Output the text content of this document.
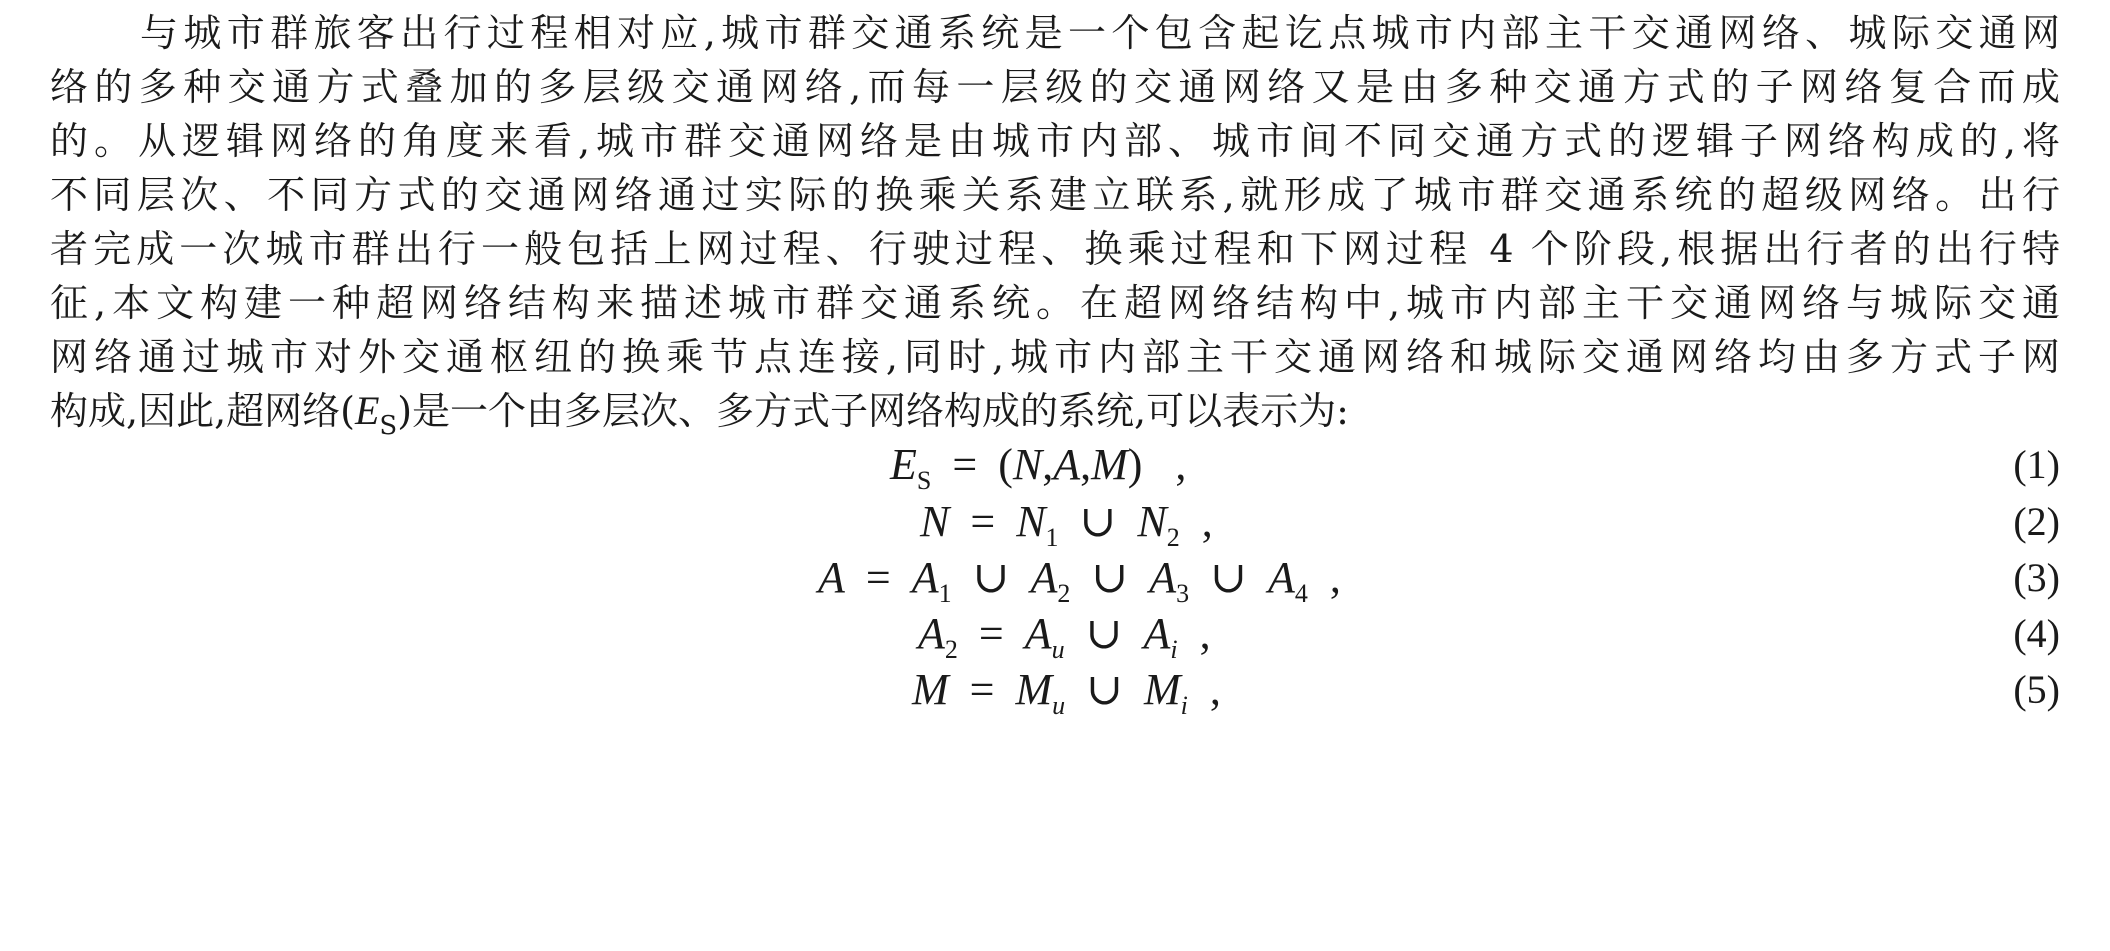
与城市群旅客出行过程相对应,城市群交通系统是一个包含起讫点城市内部主干交通网络、城际交通网
络的多种交通方式叠加的多层级交通网络,而每一层级的交通网络又是由多种交通方式的子网络复合而成
的。从逻辑网络的角度来看,城市群交通网络是由城市内部、城市间不同交通方式的逻辑子网络构成的,将
不同层次、不同方式的交通网络通过实际的换乘关系建立联系,就形成了城市群交通系统的超级网络。出行
者完成一次城市群出行一般包括上网过程、行驶过程、换乘过程和下网过程 4 个阶段,根据出行者的出行特
征,本文构建一种超网络结构来描述城市群交通系统。在超网络结构中,城市内部主干交通网络与城际交通
网络通过城市对外交通枢纽的换乘节点连接,同时,城市内部主干交通网络和城际交通网络均由多方式子网
构成,因此,超网络$(E_S)$是一个由多层次、多方式子网络构成的系统,可以表示为:
$E_S = (N,A,M)$ ,	(1)
$N = N_1$ ∪ $N_2$ ,	(2)
$A = A_1$ ∪ $A_2$ ∪ $A_3$ ∪ $A_4$ ,	(3)
$A_2 = A_u$ ∪ $A_i$ ,	(4)
$M = M_u$ ∪ $M_i$ ,	(5)
